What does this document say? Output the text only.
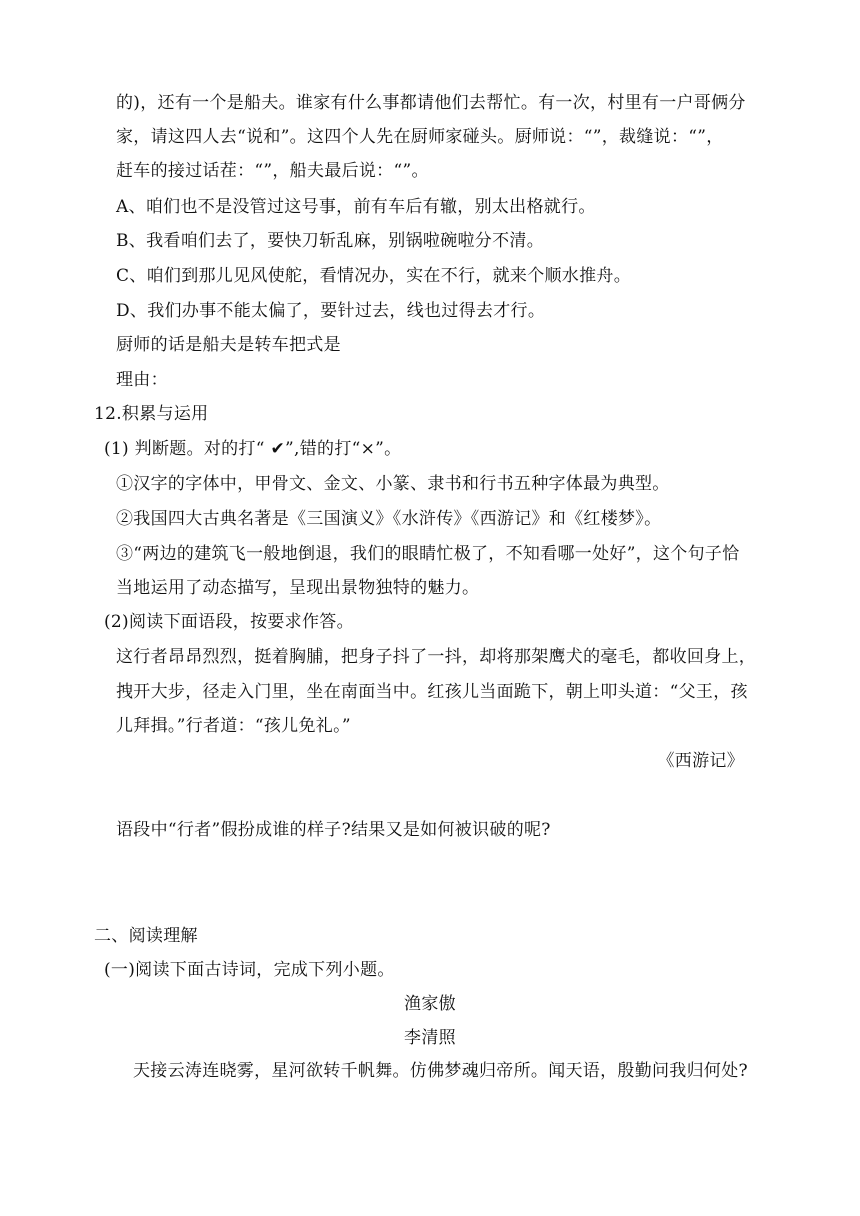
的)，还有一个是船夫。谁家有什么事都请他们去帮忙。有一次，村里有一户哥俩分
家，请这四人去“说和”。这四个人先在厨师家碰头。厨师说：“”，裁缝说：“”，
赶车的接过话茬：“”，船夫最后说：“”。
A、咱们也不是没管过这号事，前有车后有辙，别太出格就行。
B、我看咱们去了，要快刀斩乱麻，别锅啦碗啦分不清。
C、咱们到那儿见风使舵，看情况办，实在不行，就来个顺水推舟。
D、我们办事不能太偏了，要针过去，线也过得去才行。
厨师的话是船夫是转车把式是
理由：
12.积累与运用
(1) 判断题。对的打“ ✔”,错的打“×”。
①汉字的字体中，甲骨文、金文、小篆、隶书和行书五种字体最为典型。
②我国四大古典名著是《三国演义》《水浒传》《西游记》和《红楼梦》。
③“两边的建筑飞一般地倒退，我们的眼睛忙极了，不知看哪一处好”，这个句子恰
当地运用了动态描写，呈现出景物独特的魅力。
(2)阅读下面语段，按要求作答。
这行者昂昂烈烈，挺着胸脯，把身子抖了一抖，却将那架鹰犬的毫毛，都收回身上，
拽开大步，径走入门里，坐在南面当中。红孩儿当面跪下，朝上叩头道：“父王，孩
儿拜揖。”行者道：“孩儿免礼。”
《西游记》
语段中“行者”假扮成谁的样子?结果又是如何被识破的呢?
二、阅读理解
(一)阅读下面古诗词，完成下列小题。
渔家傲
李清照
天接云涛连晓雾，星河欲转千帆舞。仿佛梦魂归帝所。闻天语，殷勤问我归何处?
